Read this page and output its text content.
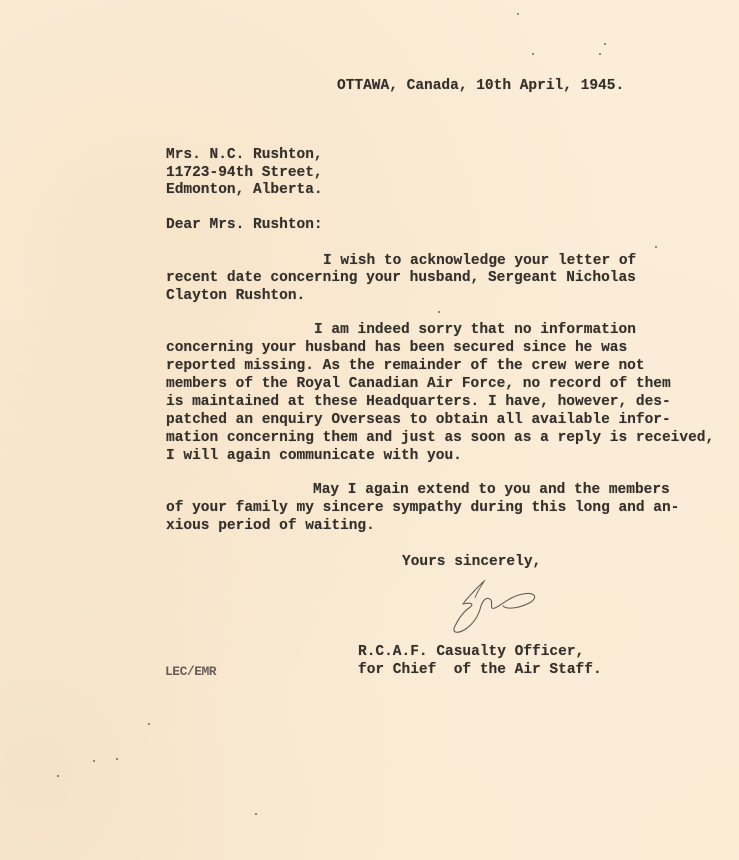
OTTAWA, Canada, 10th April, 1945.
Mrs. N.C. Rushton,
11723-94th Street,
Edmonton, Alberta.
Dear Mrs. Rushton:
I wish to acknowledge your letter of
recent date concerning your husband, Sergeant Nicholas
Clayton Rushton.
I am indeed sorry that no information
concerning your husband has been secured since he was
reported missing. As the remainder of the crew were not
members of the Royal Canadian Air Force, no record of them
is maintained at these Headquarters. I have, however, des-
patched an enquiry Overseas to obtain all available infor-
mation concerning them and just as soon as a reply is received,
I will again communicate with you.
May I again extend to you and the members
of your family my sincere sympathy during this long and an-
xious period of waiting.
Yours sincerely,
R.C.A.F. Casualty Officer,
for Chief  of the Air Staff.
LEC/EMR
